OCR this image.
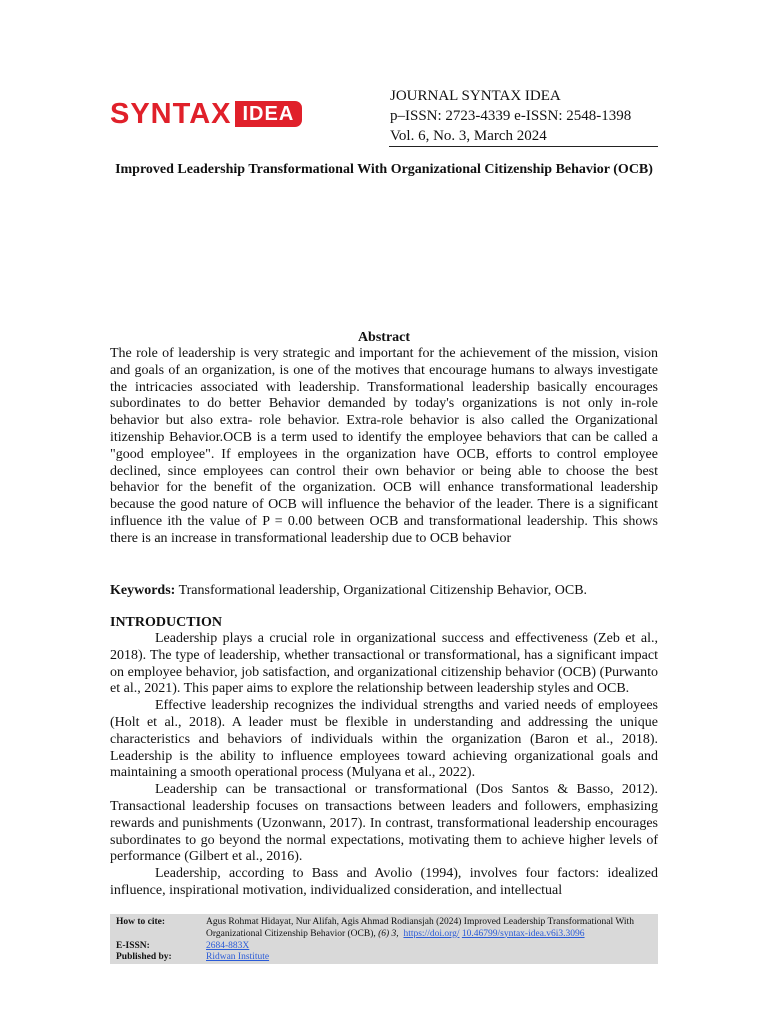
SYNTAX IDEA
JOURNAL SYNTAX IDEA
p–ISSN: 2723-4339 e-ISSN: 2548-1398
Vol. 6, No. 3, March 2024
Improved Leadership Transformational With Organizational Citizenship Behavior (OCB)
Abstract
The role of leadership is very strategic and important for the achievement of the mission, vision and goals of an organization, is one of the motives that encourage humans to always investigate the intricacies associated with leadership. Transformational leadership basically encourages subordinates to do better Behavior demanded by today's organizations is not only in-role behavior but also extra- role behavior. Extra-role behavior is also called the Organizational itizenship Behavior.OCB is a term used to identify the employee behaviors that can be called a "good employee". If employees in the organization have OCB, efforts to control employee declined, since employees can control their own behavior or being able to choose the best behavior for the benefit of the organization. OCB will enhance transformational leadership because the good nature of OCB will influence the behavior of the leader. There is a significant influence ith the value of P = 0.00 between OCB and transformational leadership. This shows there is an increase in transformational leadership due to OCB behavior
Keywords: Transformational leadership, Organizational Citizenship Behavior, OCB.
INTRODUCTION

Leadership plays a crucial role in organizational success and effectiveness (Zeb et al., 2018). The type of leadership, whether transactional or transformational, has a significant impact on employee behavior, job satisfaction, and organizational citizenship behavior (OCB) (Purwanto et al., 2021). This paper aims to explore the relationship between leadership styles and OCB.

Effective leadership recognizes the individual strengths and varied needs of employees (Holt et al., 2018). A leader must be flexible in understanding and addressing the unique characteristics and behaviors of individuals within the organization (Baron et al., 2018). Leadership is the ability to influence employees toward achieving organizational goals and maintaining a smooth operational process (Mulyana et al., 2022).

Leadership can be transactional or transformational (Dos Santos & Basso, 2012). Transactional leadership focuses on transactions between leaders and followers, emphasizing rewards and punishments (Uzonwann, 2017). In contrast, transformational leadership encourages subordinates to go beyond the normal expectations, motivating them to achieve higher levels of performance (Gilbert et al., 2016).

Leadership, according to Bass and Avolio (1994), involves four factors: idealized influence, inspirational motivation, individualized consideration, and intellectual

How to cite:	Agus Rohmat Hidayat, Nur Alifah, Agis Ahmad Rodiansjah (2024) Improved Leadership Transformational With Organizational Citizenship Behavior (OCB), (6) 3, https://doi.org/ 10.46799/syntax-idea.v6i3.3096
E-ISSN:	2684-883X
Published by:	Ridwan Institute
